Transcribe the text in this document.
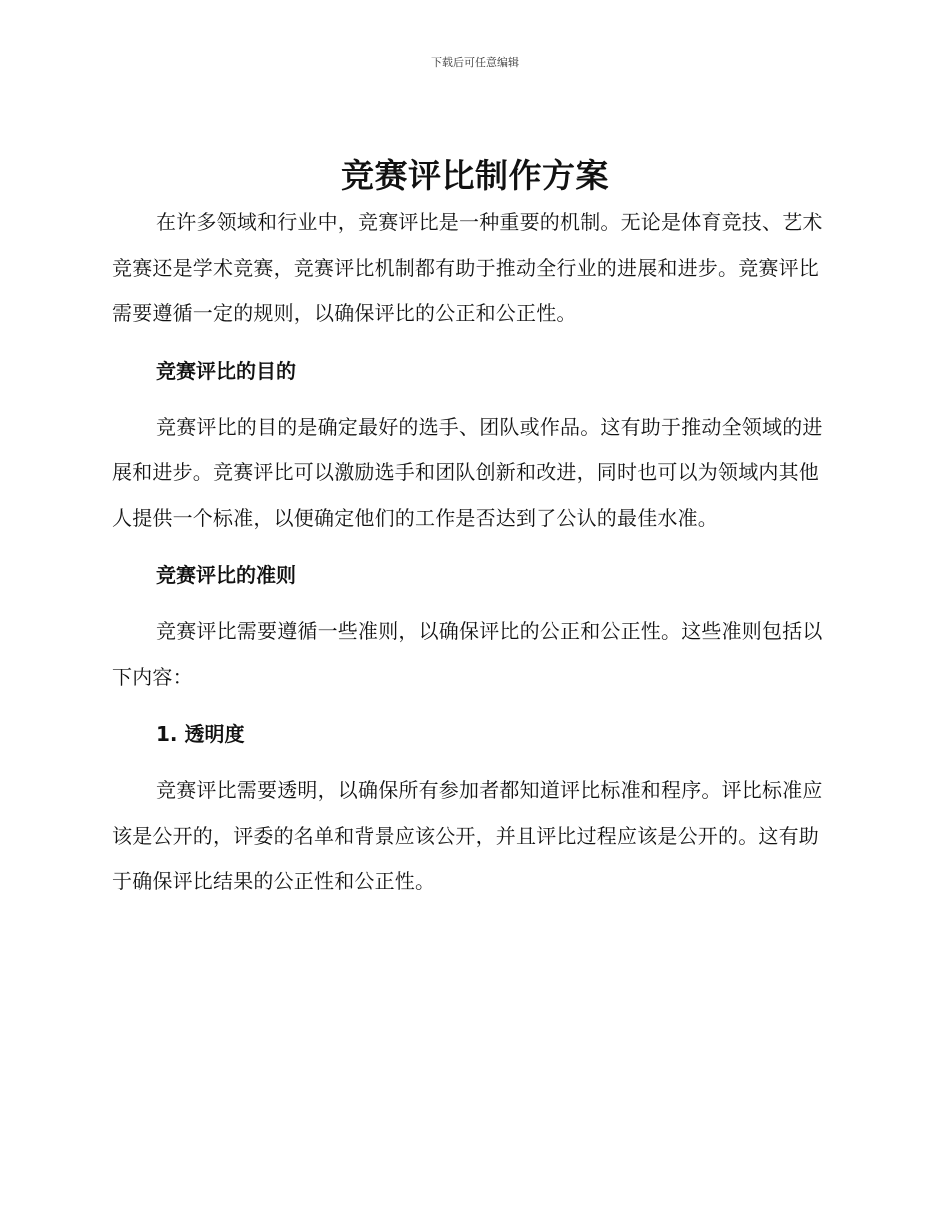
下载后可任意编辑
竞赛评比制作方案

在许多领域和行业中，竞赛评比是一种重要的机制。无论是体育竞技、艺术竞赛还是学术竞赛，竞赛评比机制都有助于推动全行业的进展和进步。竞赛评比需要遵循一定的规则，以确保评比的公正和公正性。

竞赛评比的目的

竞赛评比的目的是确定最好的选手、团队或作品。这有助于推动全领域的进展和进步。竞赛评比可以激励选手和团队创新和改进，同时也可以为领域内其他人提供一个标准，以便确定他们的工作是否达到了公认的最佳水准。

竞赛评比的准则

竞赛评比需要遵循一些准则，以确保评比的公正和公正性。这些准则包括以下内容：

1. 透明度

竞赛评比需要透明，以确保所有参加者都知道评比标准和程序。评比标准应该是公开的，评委的名单和背景应该公开，并且评比过程应该是公开的。这有助于确保评比结果的公正性和公正性。
